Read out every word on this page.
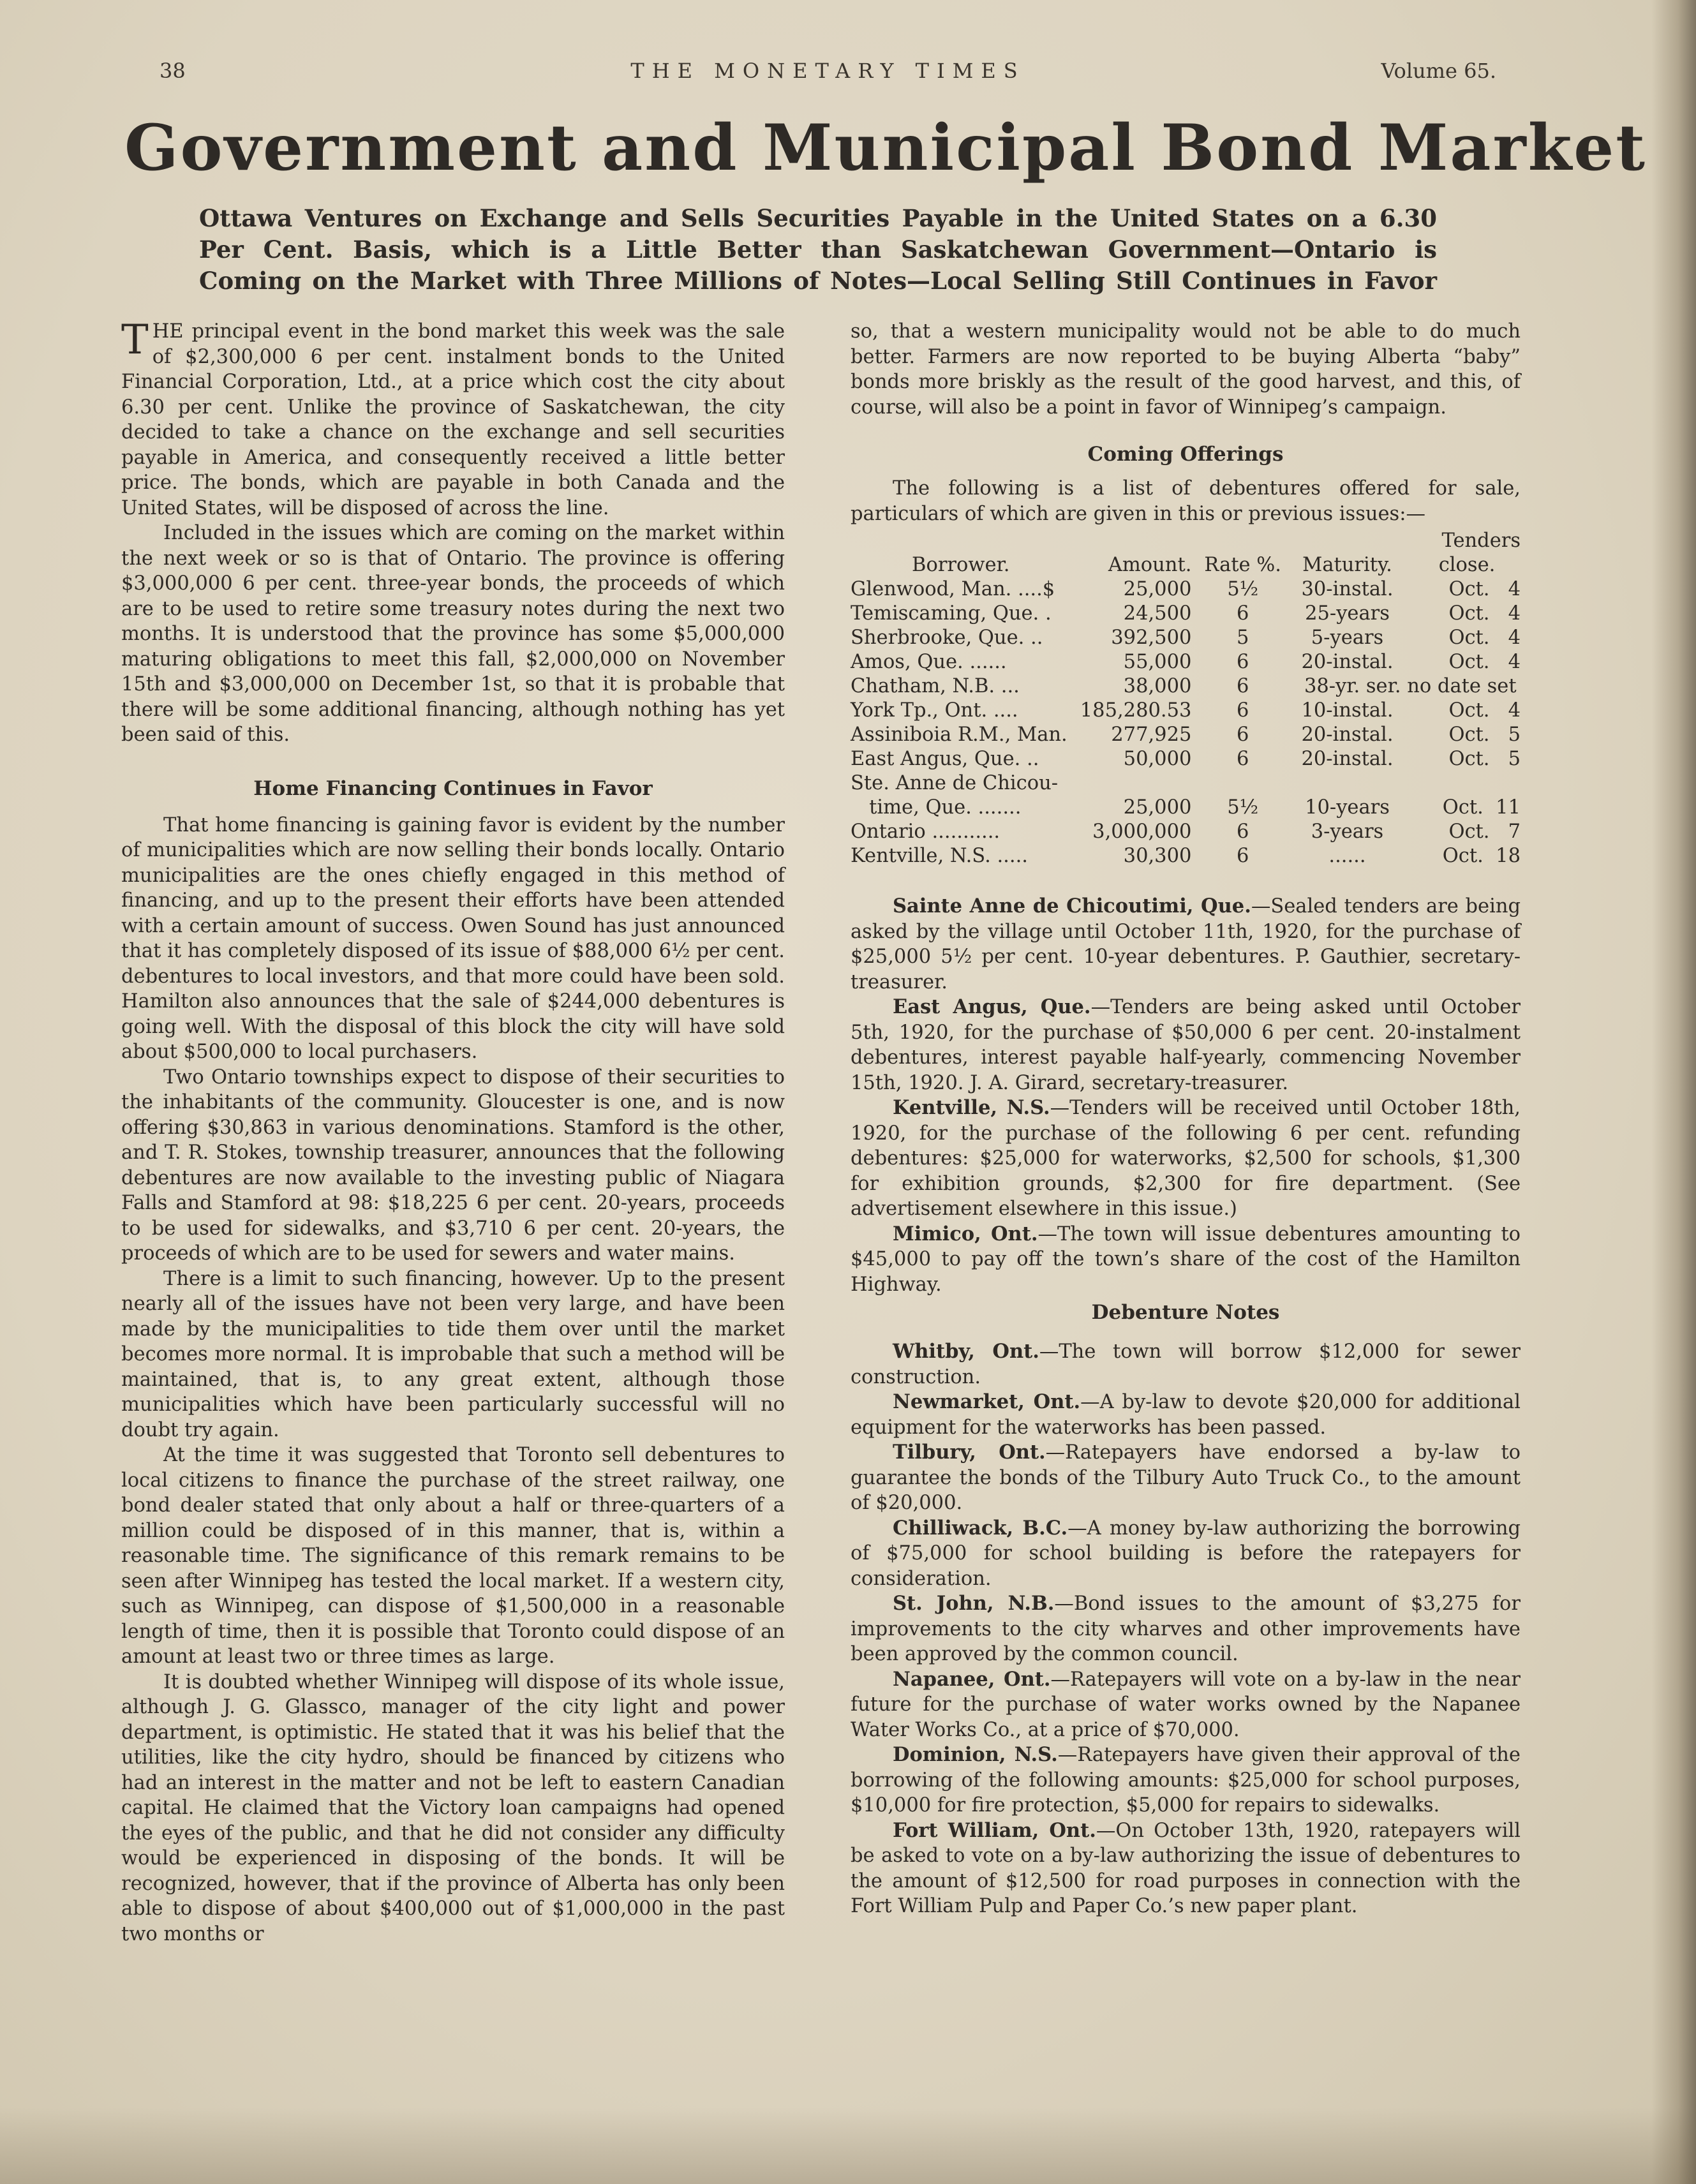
38	THE MONETARY TIMES	Volume 65.
Government and Municipal Bond Market
Ottawa Ventures on Exchange and Sells Securities Payable in the United States on a 6.30
Per Cent. Basis, which is a Little Better than Saskatchewan Government—Ontario is
Coming on the Market with Three Millions of Notes—Local Selling Still Continues in Favor

THE principal event in the bond market this week was the sale of $2,300,000 6 per cent. instalment bonds to the United Financial Corporation, Ltd., at a price which cost the city about 6.30 per cent. Unlike the province of Saskatchewan, the city decided to take a chance on the exchange and sell securities payable in America, and consequently received a little better price. The bonds, which are payable in both Canada and the United States, will be disposed of across the line.

Included in the issues which are coming on the market within the next week or so is that of Ontario. The province is offering $3,000,000 6 per cent. three-year bonds, the proceeds of which are to be used to retire some treasury notes during the next two months. It is understood that the province has some $5,000,000 maturing obligations to meet this fall, $2,000,000 on November 15th and $3,000,000 on December 1st, so that it is probable that there will be some additional financing, although nothing has yet been said of this.

Home Financing Continues in Favor

That home financing is gaining favor is evident by the number of municipalities which are now selling their bonds locally. Ontario municipalities are the ones chiefly engaged in this method of financing, and up to the present their efforts have been attended with a certain amount of success. Owen Sound has just announced that it has completely disposed of its issue of $88,000 6½ per cent. debentures to local investors, and that more could have been sold. Hamilton also announces that the sale of $244,000 debentures is going well. With the disposal of this block the city will have sold about $500,000 to local purchasers.

Two Ontario townships expect to dispose of their securities to the inhabitants of the community. Gloucester is one, and is now offering $30,863 in various denominations. Stamford is the other, and T. R. Stokes, township treasurer, announces that the following debentures are now available to the investing public of Niagara Falls and Stamford at 98: $18,225 6 per cent. 20-years, proceeds to be used for sidewalks, and $3,710 6 per cent. 20-years, the proceeds of which are to be used for sewers and water mains.

There is a limit to such financing, however. Up to the present nearly all of the issues have not been very large, and have been made by the municipalities to tide them over until the market becomes more normal. It is improbable that such a method will be maintained, that is, to any great extent, although those municipalities which have been particularly successful will no doubt try again.

At the time it was suggested that Toronto sell debentures to local citizens to finance the purchase of the street railway, one bond dealer stated that only about a half or three-quarters of a million could be disposed of in this manner, that is, within a reasonable time. The significance of this remark remains to be seen after Winnipeg has tested the local market. If a western city, such as Winnipeg, can dispose of $1,500,000 in a reasonable length of time, then it is possible that Toronto could dispose of an amount at least two or three times as large.

It is doubted whether Winnipeg will dispose of its whole issue, although J. G. Glassco, manager of the city light and power department, is optimistic. He stated that it was his belief that the utilities, like the city hydro, should be financed by citizens who had an interest in the matter and not be left to eastern Canadian capital. He claimed that the Victory loan campaigns had opened the eyes of the public, and that he did not consider any difficulty would be experienced in disposing of the bonds. It will be recognized, however, that if the province of Alberta has only been able to dispose of about $400,000 out of $1,000,000 in the past two months or

so, that a western municipality would not be able to do much better. Farmers are now reported to be buying Alberta “baby” bonds more briskly as the result of the good harvest, and this, of course, will also be a point in favor of Winnipeg’s campaign.

Coming Offerings

The following is a list of debentures offered for sale, particulars of which are given in this or previous issues:—

Tenders				
Borrower.	Amount.	Rate %.	Maturity.	close.
Glenwood, Man. ....$	25,000	5½	30-instal.	Oct.   4
Temiscaming, Que. .	24,500	6	25-years	Oct.   4
Sherbrooke, Que. ..	392,500	5	5-years	Oct.   4
Amos, Que. ......	55,000	6	20-instal.	Oct.   4
Chatham, N.B. ...	38,000	6	38-yr. ser. no date set	
York Tp., Ont. ....	185,280.53	6	10-instal.	Oct.   4
Assiniboia R.M., Man.	277,925	6	20-instal.	Oct.   5
East Angus, Que. ..	50,000	6	20-instal.	Oct.   5
Ste. Anne de Chicou-				
time, Que. .......	25,000	5½	10-years	Oct.  11
Ontario ...........	3,000,000	6	3-years	Oct.   7
Kentville, N.S. .....	30,300	6	......	Oct.  18

Sainte Anne de Chicoutimi, Que.—Sealed tenders are being asked by the village until October 11th, 1920, for the purchase of $25,000 5½ per cent. 10-year debentures. P. Gauthier, secretary-treasurer.

East Angus, Que.—Tenders are being asked until October 5th, 1920, for the purchase of $50,000 6 per cent. 20-instalment debentures, interest payable half-yearly, commencing November 15th, 1920. J. A. Girard, secretary-treasurer.

Kentville, N.S.—Tenders will be received until October 18th, 1920, for the purchase of the following 6 per cent. refunding debentures: $25,000 for waterworks, $2,500 for schools, $1,300 for exhibition grounds, $2,300 for fire department. (See advertisement elsewhere in this issue.)

Mimico, Ont.—The town will issue debentures amounting to $45,000 to pay off the town’s share of the cost of the Hamilton Highway.

Debenture Notes

Whitby, Ont.—The town will borrow $12,000 for sewer construction.

Newmarket, Ont.—A by-law to devote $20,000 for additional equipment for the waterworks has been passed.

Tilbury, Ont.—Ratepayers have endorsed a by-law to guarantee the bonds of the Tilbury Auto Truck Co., to the amount of $20,000.

Chilliwack, B.C.—A money by-law authorizing the borrowing of $75,000 for school building is before the ratepayers for consideration.

St. John, N.B.—Bond issues to the amount of $3,275 for improvements to the city wharves and other improvements have been approved by the common council.

Napanee, Ont.—Ratepayers will vote on a by-law in the near future for the purchase of water works owned by the Napanee Water Works Co., at a price of $70,000.

Dominion, N.S.—Ratepayers have given their approval of the borrowing of the following amounts: $25,000 for school purposes, $10,000 for fire protection, $5,000 for repairs to sidewalks.

Fort William, Ont.—On October 13th, 1920, ratepayers will be asked to vote on a by-law authorizing the issue of debentures to the amount of $12,500 for road purposes in connection with the Fort William Pulp and Paper Co.’s new paper plant.
